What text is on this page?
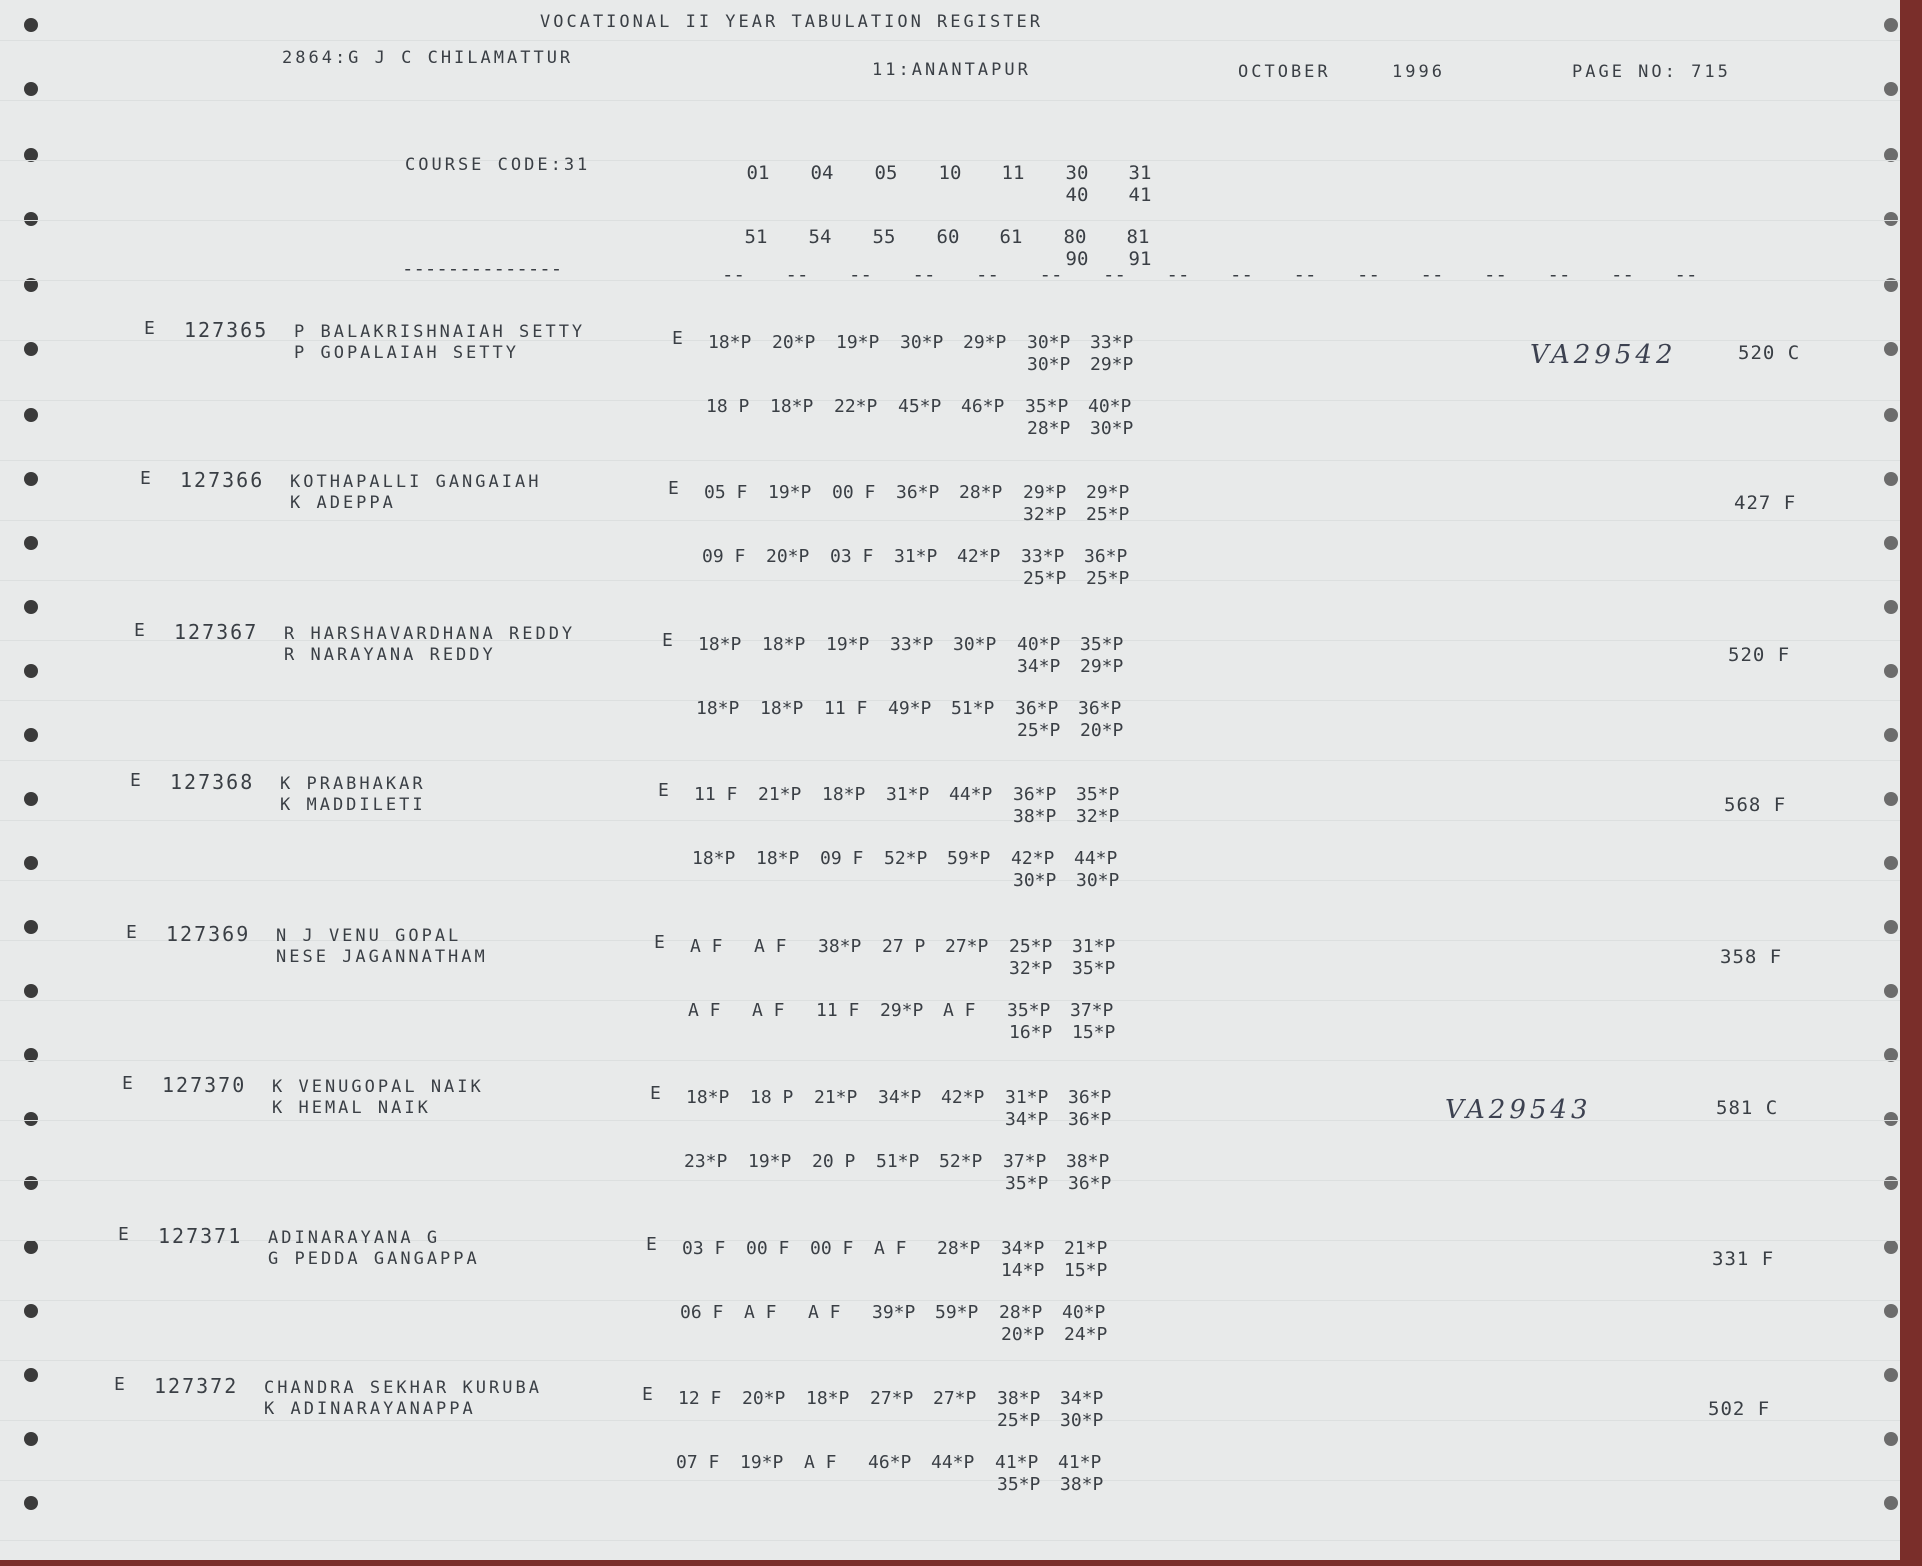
VOCATIONAL II YEAR TABULATION REGISTER
2864:G J C CHILAMATTUR
11:ANANTAPUR	OCTOBER	1996	PAGE NO: 715
COURSE CODE:31	01	04	05	10	11	30	31
40	41
51	54	55	60	61	80	81
90	91
--------------	-- -- -- -- -- -- -- -- -- -- -- -- -- -- -- --
E 127365 P BALAKRISHNAIAH SETTY
P GOPALAIAH SETTY
E 18*P 20*P 19*P 30*P 29*P 30*P 33*P
30*P 29*P
18 P 18*P 22*P 45*P 46*P 35*P 40*P
28*P 30*P
520 C
VA29542
E 127366 KOTHAPALLI GANGAIAH
K ADEPPA
E 05 F 19*P 00 F 36*P 28*P 29*P 29*P
32*P 25*P
09 F 20*P 03 F 31*P 42*P 33*P 36*P
25*P 25*P
427 F
E 127367 R HARSHAVARDHANA REDDY
R NARAYANA REDDY
E 18*P 18*P 19*P 33*P 30*P 40*P 35*P
34*P 29*P
18*P 18*P 11 F 49*P 51*P 36*P 36*P
25*P 20*P
520 F
E 127368 K PRABHAKAR
K MADDILETI
E 11 F 21*P 18*P 31*P 44*P 36*P 35*P
38*P 32*P
18*P 18*P 09 F 52*P 59*P 42*P 44*P
30*P 30*P
568 F
E 127369 N J VENU GOPAL
NESE JAGANNATHAM
E A F A F 38*P 27 P 27*P 25*P 31*P
32*P 35*P
A F A F 11 F 29*P A F 35*P 37*P
16*P 15*P
358 F
E 127370 K VENUGOPAL NAIK
K HEMAL NAIK
E 18*P 18 P 21*P 34*P 42*P 31*P 36*P
34*P 36*P
23*P 19*P 20 P 51*P 52*P 37*P 38*P
35*P 36*P
581 C
VA29543
E 127371 ADINARAYANA G
G PEDDA GANGAPPA
E 03 F 00 F 00 F A F 28*P 34*P 21*P
14*P 15*P
06 F A F A F 39*P 59*P 28*P 40*P
20*P 24*P
331 F
E 127372 CHANDRA SEKHAR KURUBA
K ADINARAYANAPPA
E 12 F 20*P 18*P 27*P 27*P 38*P 34*P
25*P 30*P
07 F 19*P A F 46*P 44*P 41*P 41*P
35*P 38*P
502 F
